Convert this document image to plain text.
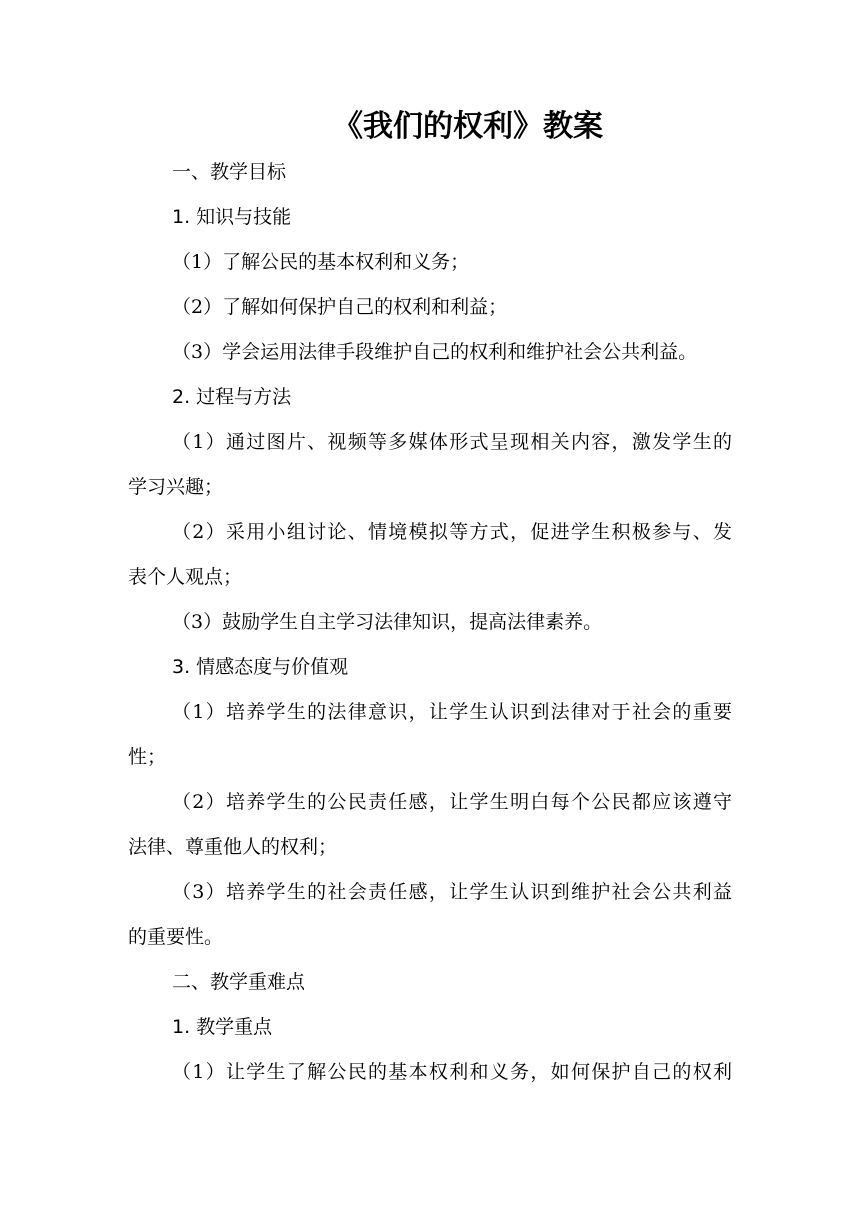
《我们的权利》教案
一、教学目标
1. 知识与技能
（1）了解公民的基本权利和义务；
（2）了解如何保护自己的权利和利益；
（3）学会运用法律手段维护自己的权利和维护社会公共利益。
2. 过程与方法
（1）通过图片、视频等多媒体形式呈现相关内容，激发学生的
学习兴趣；
（2）采用小组讨论、情境模拟等方式，促进学生积极参与、发
表个人观点；
（3）鼓励学生自主学习法律知识，提高法律素养。
3. 情感态度与价值观
（1）培养学生的法律意识，让学生认识到法律对于社会的重要
性；
（2）培养学生的公民责任感，让学生明白每个公民都应该遵守
法律、尊重他人的权利；
（3）培养学生的社会责任感，让学生认识到维护社会公共利益
的重要性。
二、教学重难点
1. 教学重点
（1）让学生了解公民的基本权利和义务，如何保护自己的权利
